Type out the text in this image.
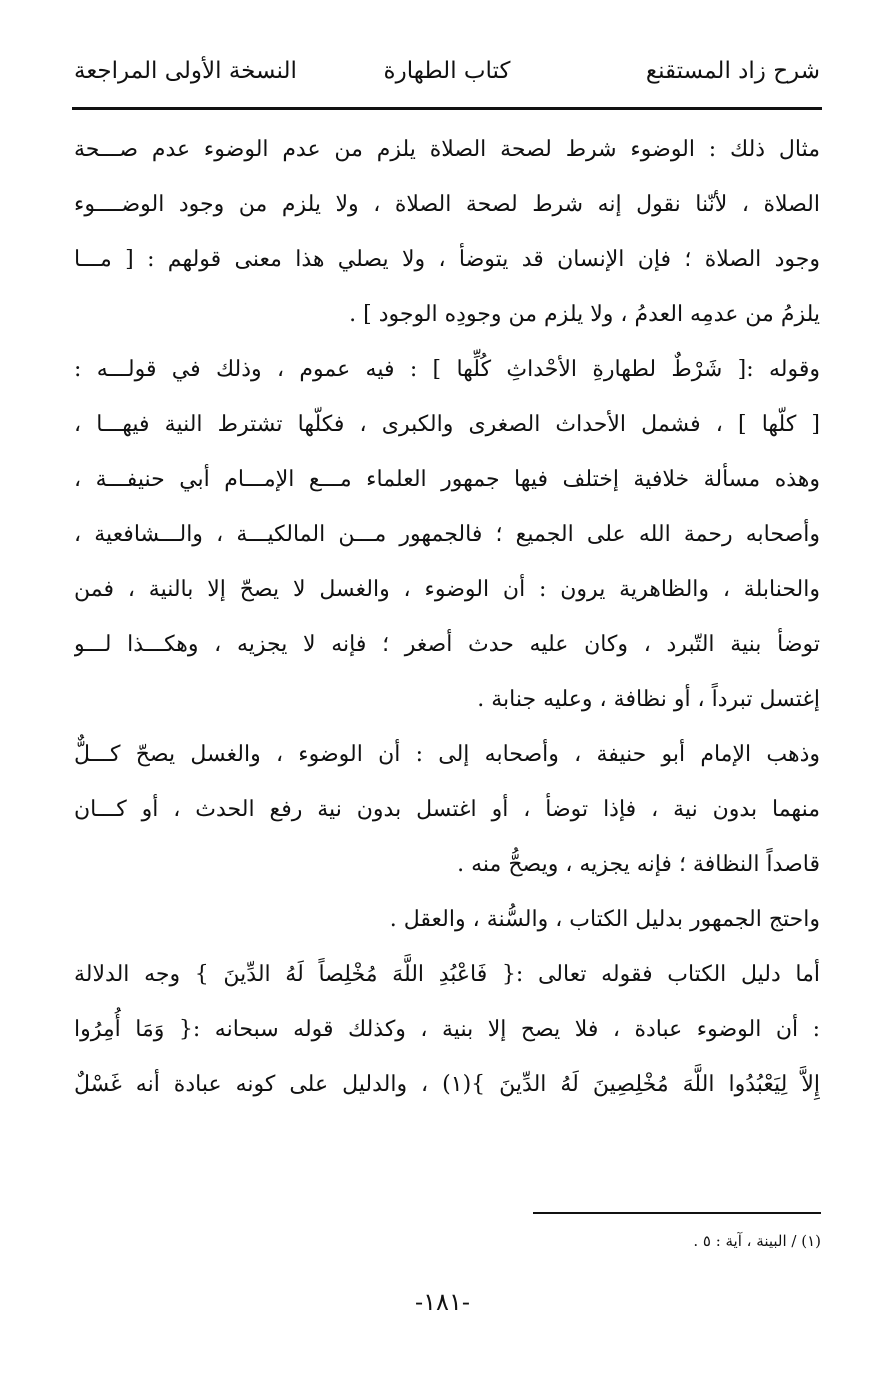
شرح زاد المستقنع
كتاب الطهارة
النسخة الأولى المراجعة
مثال ذلك : الوضوء شرط لصحة الصلاة يلزم من عدم الوضوء عدم صـــحة
الصلاة ، لأنّنا نقول إنه شرط لصحة الصلاة ، ولا يلزم من وجود الوضــــوء
وجود الصلاة ؛ فإن الإنسان قد يتوضأ ، ولا يصلي هذا معنى قولهم : [ مـــا
يلزمُ من عدمِه العدمُ ، ولا يلزم من وجودِه الوجود ] .
وقوله :[ شَرْطٌ لطهارةِ الأحْداثِ كُلِّها ] : فيه عموم ، وذلك في قولـــه :
[ كلّها ] ، فشمل الأحداث الصغرى والكبرى ، فكلّها تشترط النية فيهـــا ،
وهذه مسألة خلافية إختلف فيها جمهور العلماء مـــع الإمـــام أبي حنيفـــة ،
وأصحابه رحمة الله على الجميع ؛ فالجمهور مـــن المالكيـــة ، والـــشافعية ،
والحنابلة ، والظاهرية يرون : أن الوضوء ، والغسل لا يصحّ إلا بالنية ، فمن
توضأ بنية التّبرد ، وكان عليه حدث أصغر ؛ فإنه لا يجزيه ، وهكـــذا لـــو
إغتسل تبرداً ، أو نظافة ، وعليه جنابة .
وذهب الإمام أبو حنيفة ، وأصحابه إلى : أن الوضوء ، والغسل يصحّ كـــلٌّ
منهما بدون نية ، فإذا توضأ ، أو اغتسل بدون نية رفع الحدث ، أو كـــان
قاصداً النظافة ؛ فإنه يجزيه ، ويصحُّ منه .
واحتج الجمهور بدليل الكتاب ، والسُّنة ، والعقل .
أما دليل الكتاب فقوله تعالى :{ فَاعْبُدِ اللَّهَ مُخْلِصاً لَهُ الدِّينَ } وجه الدلالة
: أن الوضوء عبادة ، فلا يصح إلا بنية ، وكذلك قوله سبحانه :{ وَمَا أُمِرُوا
إِلاَّ لِيَعْبُدُوا اللَّهَ مُخْلِصِينَ لَهُ الدِّينَ }(١) ، والدليل على كونه عبادة أنه غَسْلٌ
(١) / البينة ، آية : ٥ .
-١٨١-
